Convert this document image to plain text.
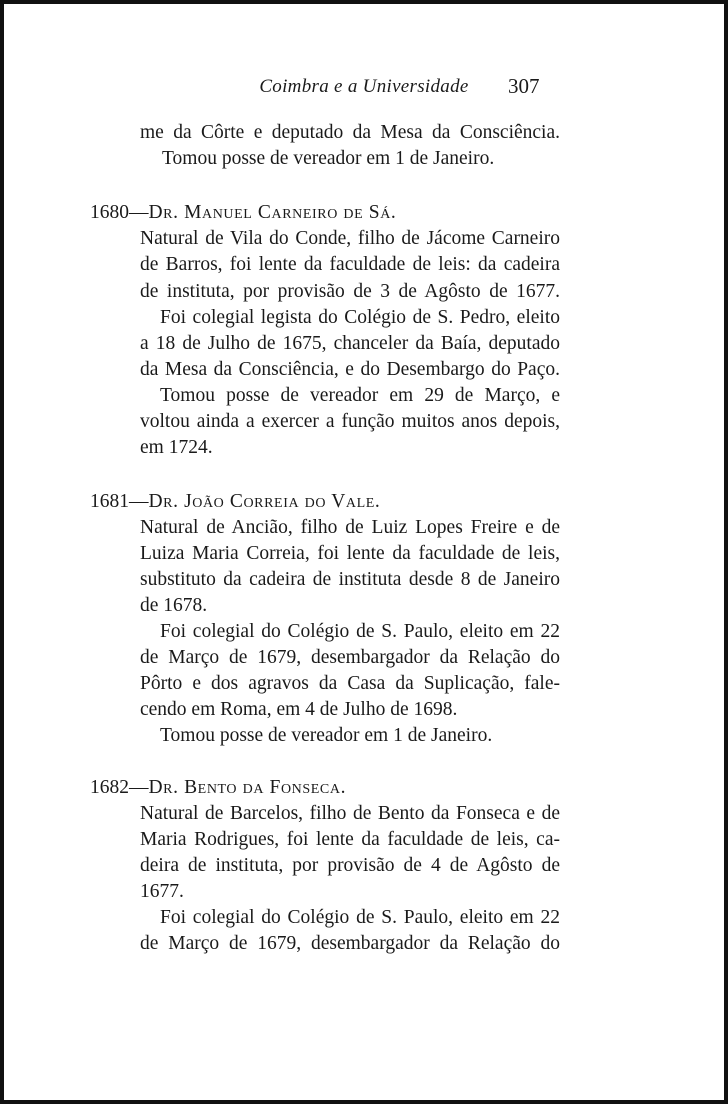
Coimbra e a Universidade	307
me da Côrte e deputado da Mesa da Consciência.
Tomou posse de vereador em 1 de Janeiro.
1680—Dr. Manuel Carneiro de Sá.
Natural de Vila do Conde, filho de Jácome Carneiro
de Barros, foi lente da faculdade de leis: da cadeira
de instituta, por provisão de 3 de Agôsto de 1677.
Foi colegial legista do Colégio de S. Pedro, eleito
a 18 de Julho de 1675, chanceler da Baía, deputado
da Mesa da Consciência, e do Desembargo do Paço.
Tomou posse de vereador em 29 de Março, e
voltou ainda a exercer a função muitos anos depois,
em 1724.
1681—Dr. João Correia do Vale.
Natural de Ancião, filho de Luiz Lopes Freire e de
Luiza Maria Correia, foi lente da faculdade de leis,
substituto da cadeira de instituta desde 8 de Janeiro
de 1678.
Foi colegial do Colégio de S. Paulo, eleito em 22
de Março de 1679, desembargador da Relação do
Pôrto e dos agravos da Casa da Suplicação, fale-
cendo em Roma, em 4 de Julho de 1698.
Tomou posse de vereador em 1 de Janeiro.
1682—Dr. Bento da Fonseca.
Natural de Barcelos, filho de Bento da Fonseca e de
Maria Rodrigues, foi lente da faculdade de leis, ca-
deira de instituta, por provisão de 4 de Agôsto de
1677.
Foi colegial do Colégio de S. Paulo, eleito em 22
de Março de 1679, desembargador da Relação do
